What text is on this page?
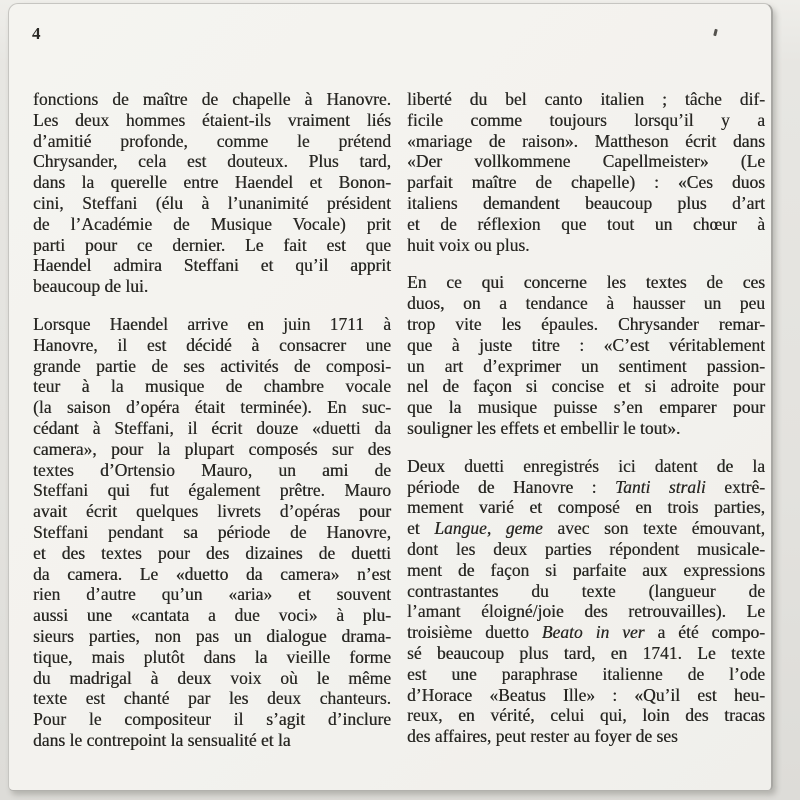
4
fonctions de maître de chapelle à Hanovre.
Les deux hommes étaient-ils vraiment liés
d’amitié profonde, comme le prétend
Chrysander, cela est douteux. Plus tard,
dans la querelle entre Haendel et Bonon-
cini, Steffani (élu à l’unanimité président
de l’Académie de Musique Vocale) prit
parti pour ce dernier. Le fait est que
Haendel admira Steffani et qu’il apprit
beaucoup de lui.
Lorsque Haendel arrive en juin 1711 à
Hanovre, il est décidé à consacrer une
grande partie de ses activités de composi-
teur à la musique de chambre vocale
(la saison d’opéra était terminée). En suc-
cédant à Steffani, il écrit douze «duetti da
camera», pour la plupart composés sur des
textes d’Ortensio Mauro, un ami de
Steffani qui fut également prêtre. Mauro
avait écrit quelques livrets d’opéras pour
Steffani pendant sa période de Hanovre,
et des textes pour des dizaines de duetti
da camera. Le «duetto da camera» n’est
rien d’autre qu’un «aria» et souvent
aussi une «cantata a due voci» à plu-
sieurs parties, non pas un dialogue drama-
tique, mais plutôt dans la vieille forme
du madrigal à deux voix où le même
texte est chanté par les deux chanteurs.
Pour le compositeur il s’agit d’inclure
dans le contrepoint la sensualité et la
liberté du bel canto italien ; tâche dif-
ficile comme toujours lorsqu’il y a
«mariage de raison». Mattheson écrit dans
«Der vollkommene Capellmeister» (Le
parfait maître de chapelle) : «Ces duos
italiens demandent beaucoup plus d’art
et de réflexion que tout un chœur à
huit voix ou plus.
En ce qui concerne les textes de ces
duos, on a tendance à hausser un peu
trop vite les épaules. Chrysander remar-
que à juste titre : «C’est véritablement
un art d’exprimer un sentiment passion-
nel de façon si concise et si adroite pour
que la musique puisse s’en emparer pour
souligner les effets et embellir le tout».
Deux duetti enregistrés ici datent de la
période de Hanovre : Tanti strali extrê-
mement varié et composé en trois parties,
et Langue, geme avec son texte émouvant,
dont les deux parties répondent musicale-
ment de façon si parfaite aux expressions
contrastantes du texte (langueur de
l’amant éloigné/joie des retrouvailles). Le
troisième duetto Beato in ver a été compo-
sé beaucoup plus tard, en 1741. Le texte
est une paraphrase italienne de l’ode
d’Horace «Beatus Ille» : «Qu’il est heu-
reux, en vérité, celui qui, loin des tracas
des affaires, peut rester au foyer de ses
